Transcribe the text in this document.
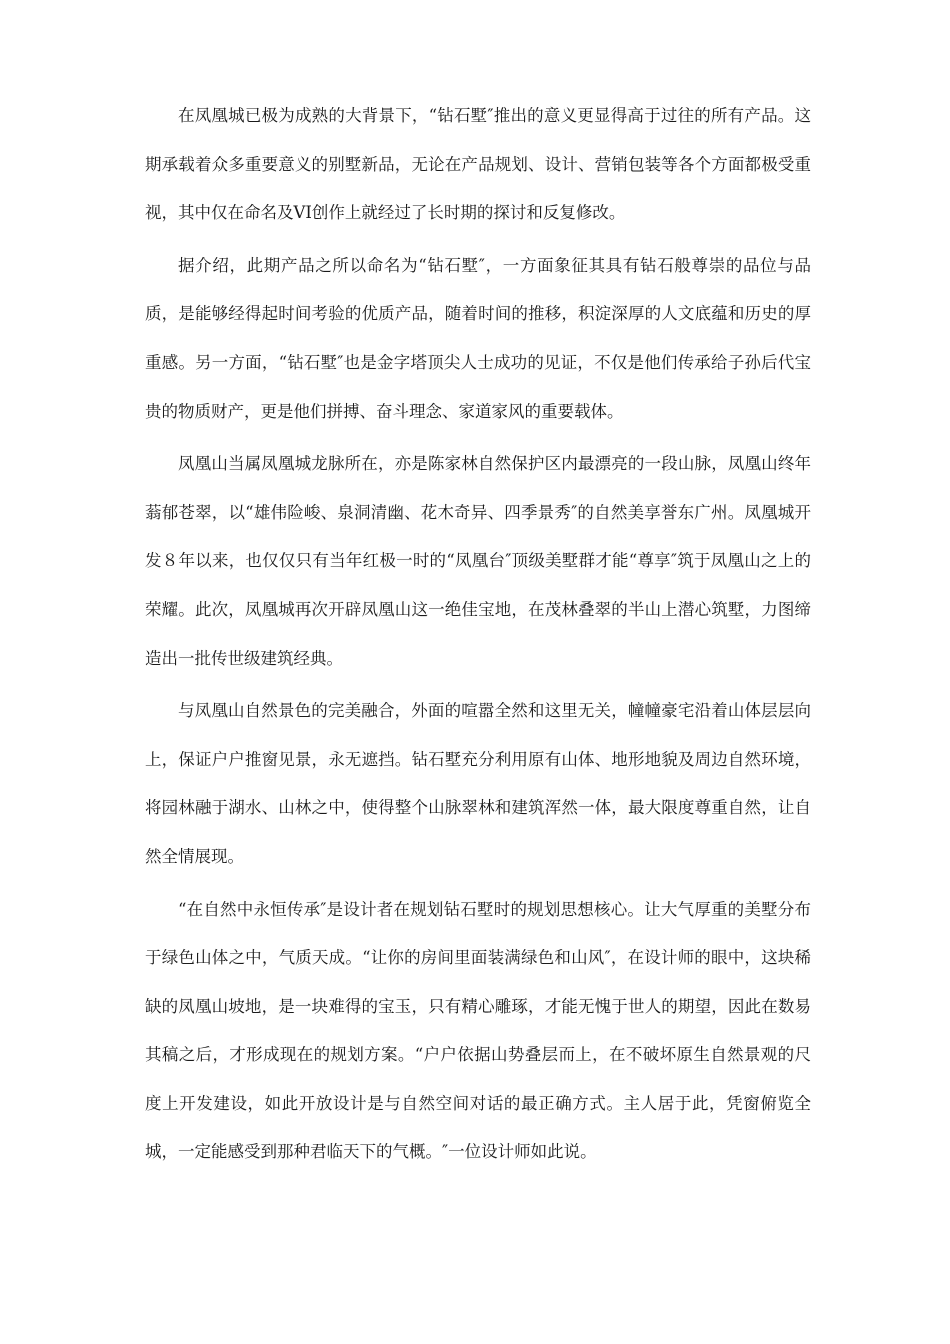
在凤凰城已极为成熟的大背景下，“钻石墅″推出的意义更显得高于过往的所有产品。这期承载着众多重要意义的别墅新品，无论在产品规划、设计、营销包装等各个方面都极受重视，其中仅在命名及VI创作上就经过了长时期的探讨和反复修改。

据介绍，此期产品之所以命名为“钻石墅″，一方面象征其具有钻石般尊崇的品位与品质，是能够经得起时间考验的优质产品，随着时间的推移，积淀深厚的人文底蕴和历史的厚重感。另一方面，“钻石墅″也是金字塔顶尖人士成功的见证，不仅是他们传承给子孙后代宝贵的物质财产，更是他们拼搏、奋斗理念、家道家风的重要载体。

凤凰山当属凤凰城龙脉所在，亦是陈家林自然保护区内最漂亮的一段山脉，凤凰山终年蓊郁苍翠，以“雄伟险峻、泉洞清幽、花木奇异、四季景秀″的自然美享誉东广州。凤凰城开发８年以来，也仅仅只有当年红极一时的“凤凰台″顶级美墅群才能“尊享″筑于凤凰山之上的荣耀。此次，凤凰城再次开辟凤凰山这一绝佳宝地，在茂林叠翠的半山上潜心筑墅，力图缔造出一批传世级建筑经典。

与凤凰山自然景色的完美融合，外面的喧嚣全然和这里无关，幢幢豪宅沿着山体层层向上，保证户户推窗见景，永无遮挡。钻石墅充分利用原有山体、地形地貌及周边自然环境，将园林融于湖水、山林之中，使得整个山脉翠林和建筑浑然一体，最大限度尊重自然，让自然全情展现。

“在自然中永恒传承″是设计者在规划钻石墅时的规划思想核心。让大气厚重的美墅分布于绿色山体之中，气质天成。“让你的房间里面装满绿色和山风″，在设计师的眼中，这块稀缺的凤凰山坡地，是一块难得的宝玉，只有精心雕琢，才能无愧于世人的期望，因此在数易其稿之后，才形成现在的规划方案。“户户依据山势叠层而上，在不破坏原生自然景观的尺度上开发建设，如此开放设计是与自然空间对话的最正确方式。主人居于此，凭窗俯览全城，一定能感受到那种君临天下的气概。″一位设计师如此说。
